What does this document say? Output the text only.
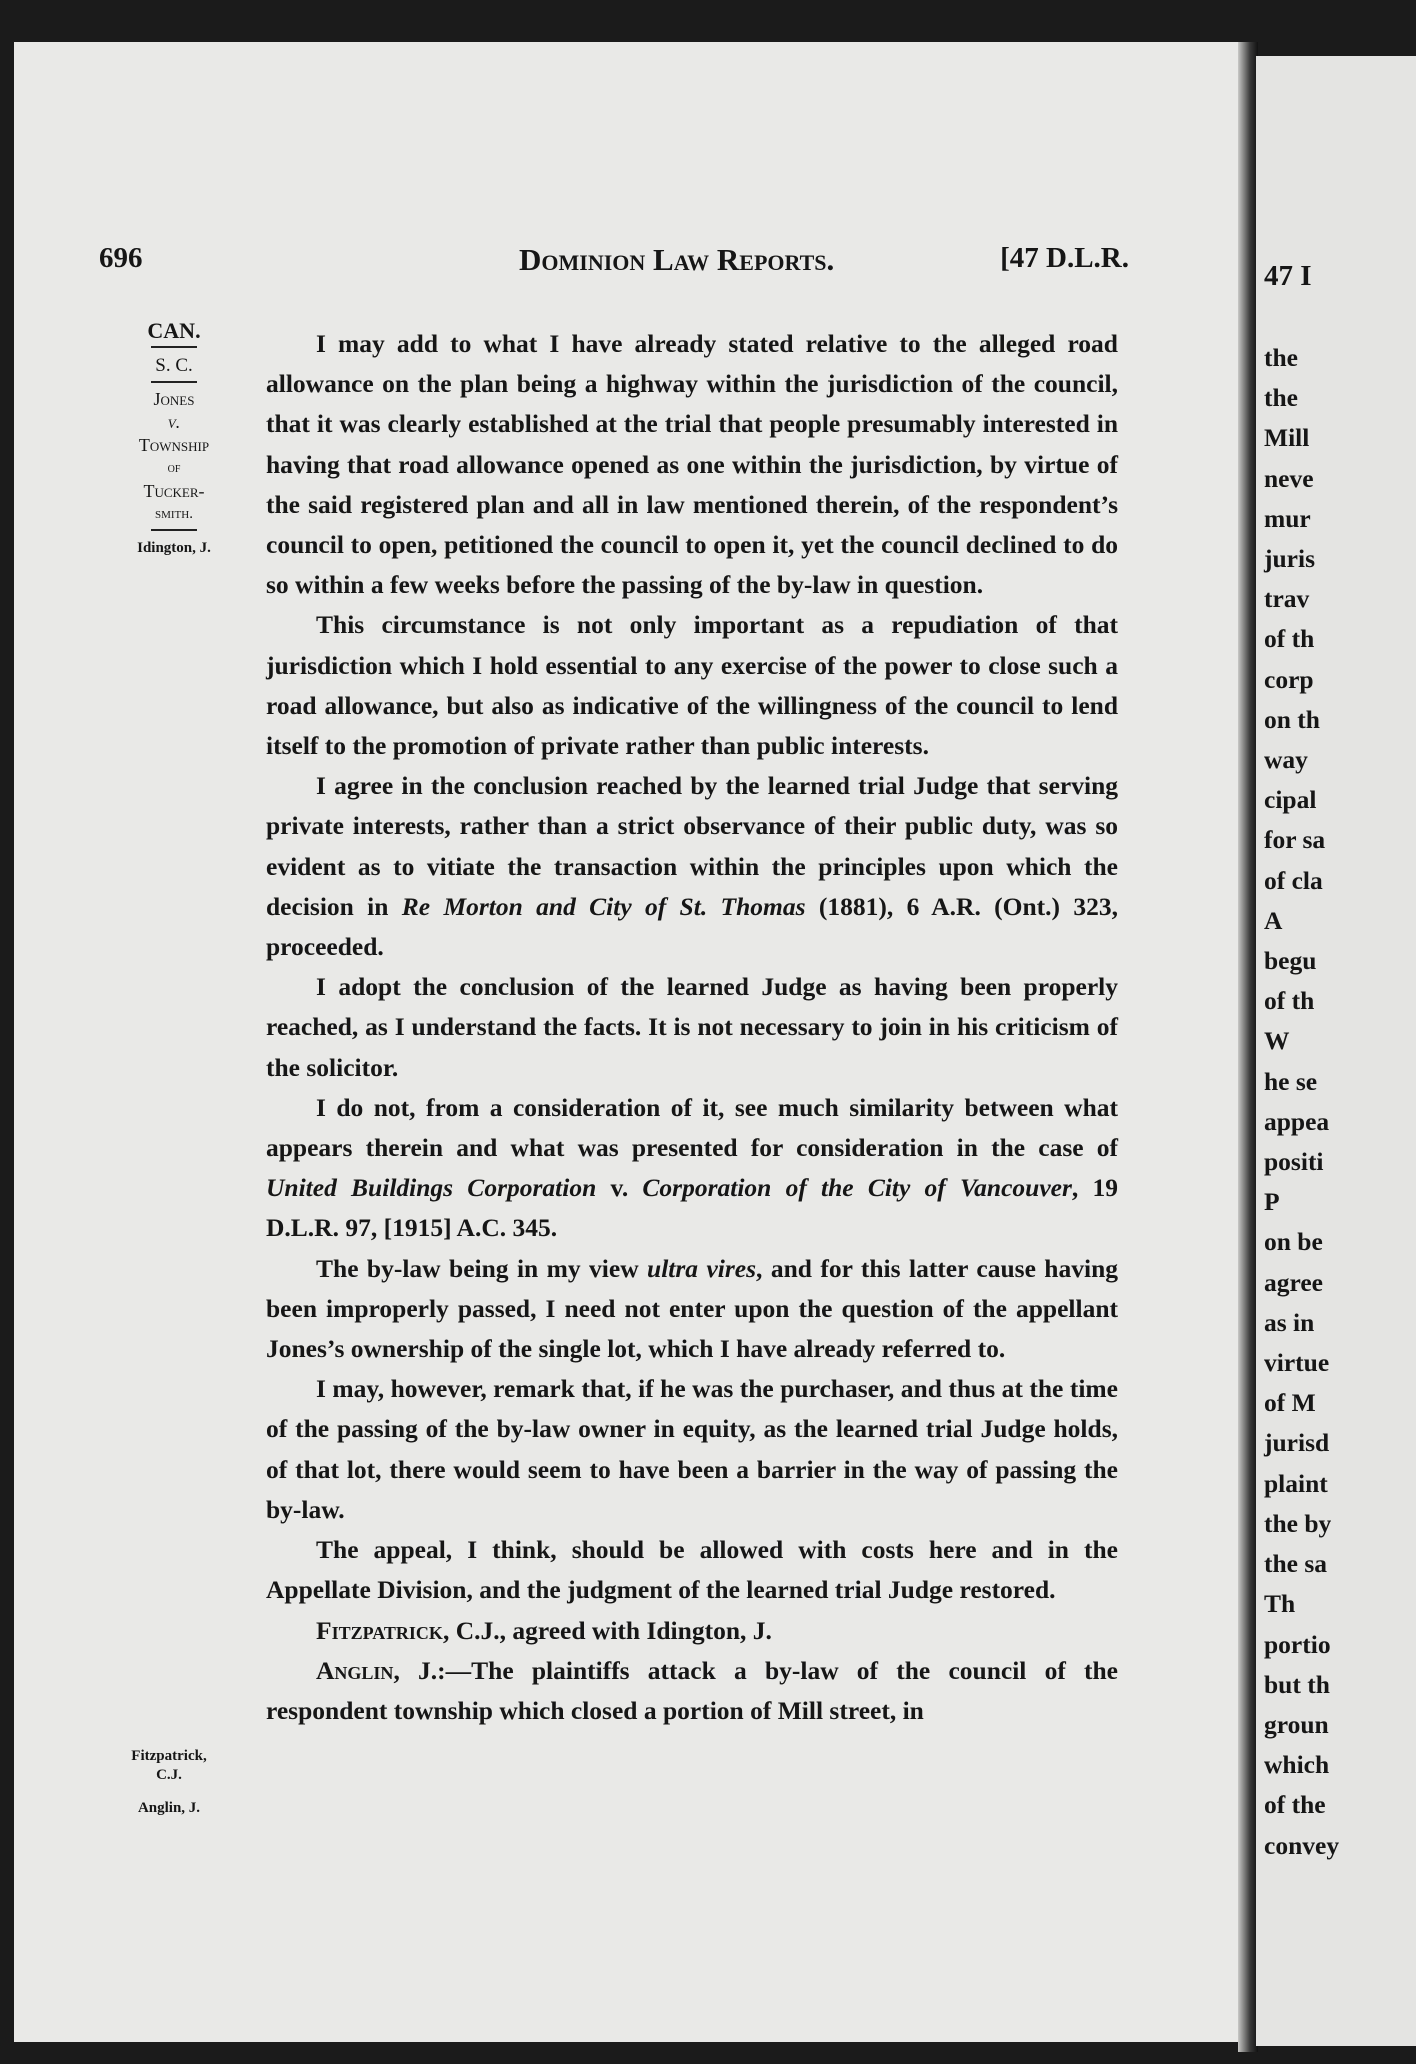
696	Dominion Law Reports.	[47 D.L.R.
CAN.
S. C.
Jones
v.
Township
of
Tucker-
smith.
Idington, J.
Fitzpatrick,
C.J.
Anglin, J.

I may add to what I have already stated relative to the alleged road allowance on the plan being a highway within the jurisdiction of the council, that it was clearly established at the trial that people presumably interested in having that road allowance opened as one within the jurisdiction, by virtue of the said registered plan and all in law mentioned therein, of the respondent’s council to open, petitioned the council to open it, yet the council declined to do so within a few weeks before the passing of the by-law in question.

This circumstance is not only important as a repudiation of that jurisdiction which I hold essential to any exercise of the power to close such a road allowance, but also as indicative of the willingness of the council to lend itself to the promotion of private rather than public interests.

I agree in the conclusion reached by the learned trial Judge that serving private interests, rather than a strict observance of their public duty, was so evident as to vitiate the transaction within the principles upon which the decision in Re Morton and City of St. Thomas (1881), 6 A.R. (Ont.) 323, proceeded.

I adopt the conclusion of the learned Judge as having been properly reached, as I understand the facts. It is not necessary to join in his criticism of the solicitor.

I do not, from a consideration of it, see much similarity between what appears therein and what was presented for consideration in the case of United Buildings Corporation v. Corporation of the City of Vancouver, 19 D.L.R. 97, [1915] A.C. 345.

The by-law being in my view ultra vires, and for this latter cause having been improperly passed, I need not enter upon the question of the appellant Jones’s ownership of the single lot, which I have already referred to.

I may, however, remark that, if he was the purchaser, and thus at the time of the passing of the by-law owner in equity, as the learned trial Judge holds, of that lot, there would seem to have been a barrier in the way of passing the by-law.

The appeal, I think, should be allowed with costs here and in the Appellate Division, and the judgment of the learned trial Judge restored.

Fitzpatrick, C.J., agreed with Idington, J.

Anglin, J.:—The plaintiffs attack a by-law of the council of the respondent township which closed a portion of Mill street, in

47 I
the
the
Mill
neve
mur
juris
trav
of th
corp
on th
way
cipal
for sa
of cla
A
begu
of th
W
he se
appea
positi
P
on be
agree
as in
virtue
of M
jurisd
plaint
the by
the sa
Th
portio
but th
groun
which
of the
convey
